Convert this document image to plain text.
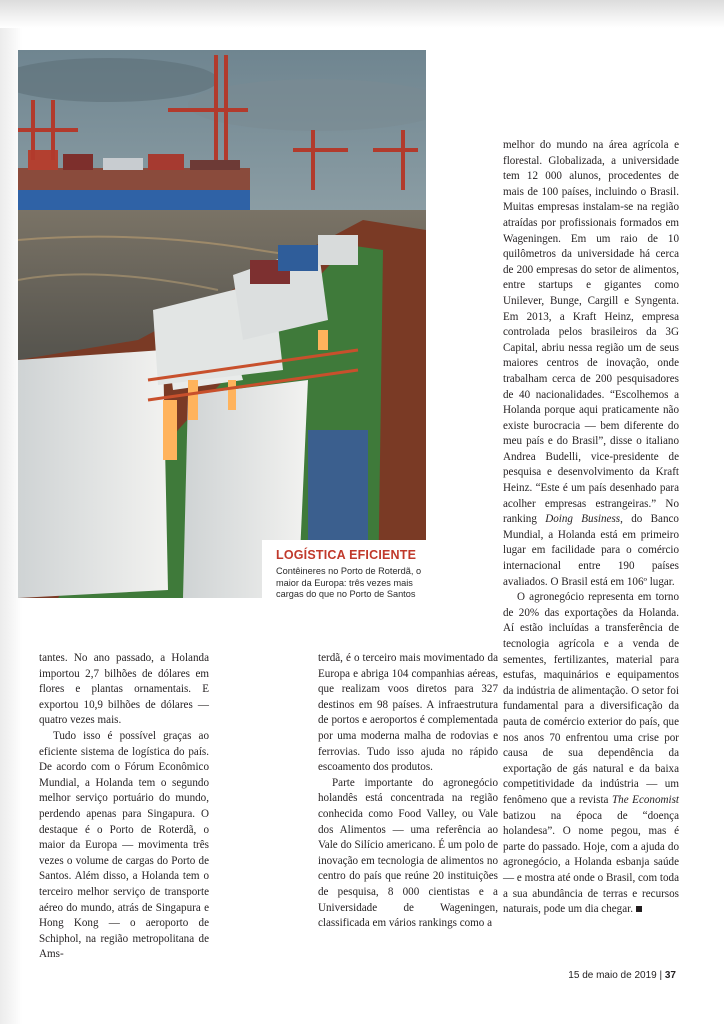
LOGÍSTICA EFICIENTE

Contêineres no Porto de Roterdã, o maior da Europa: três vezes mais cargas do que no Porto de Santos

melhor do mundo na área agrícola e florestal. Globalizada, a universidade tem 12 000 alunos, procedentes de mais de 100 países, incluindo o Brasil. Muitas empresas instalam-se na região atraídas por profissionais formados em Wageningen. Em um raio de 10 quilômetros da universidade há cerca de 200 empresas do setor de alimentos, entre startups e gigantes como Unilever, Bunge, Cargill e Syngenta. Em 2013, a Kraft Heinz, empresa controlada pelos brasileiros da 3G Capital, abriu nessa região um de seus maiores centros de inovação, onde trabalham cerca de 200 pesquisadores de 40 nacionalidades. “Escolhemos a Holanda porque aqui praticamente não existe burocracia — bem diferente do meu país e do Brasil”, disse o italiano Andrea Budelli, vice-presidente de pesquisa e desenvolvimento da Kraft Heinz. “Este é um país desenhado para acolher empresas estrangeiras.” No ranking Doing Business, do Banco Mundial, a Holanda está em primeiro lugar em facilidade para o comércio internacional entre 190 países avaliados. O Brasil está em 106º lugar.

O agronegócio representa em torno de 20% das exportações da Holanda. Aí estão incluídas a transferência de tecnologia agrícola e a venda de sementes, fertilizantes, material para estufas, maquinários e equipamentos da indústria de alimentação. O setor foi fundamental para a diversificação da pauta de comércio exterior do país, que nos anos 70 enfrentou uma crise por causa de sua dependência da exportação de gás natural e da baixa competitividade da indústria — um fenômeno que a revista The Economist batizou na época de “doença holandesa”. O nome pegou, mas é parte do passado. Hoje, com a ajuda do agronegócio, a Holanda esbanja saúde — e mostra até onde o Brasil, com toda a sua abundância de terras e recursos naturais, pode um dia chegar.

tantes. No ano passado, a Holanda importou 2,7 bilhões de dólares em flores e plantas ornamentais. E exportou 10,9 bilhões de dólares — quatro vezes mais.

Tudo isso é possível graças ao eficiente sistema de logística do país. De acordo com o Fórum Econômico Mundial, a Holanda tem o segundo melhor serviço portuário do mundo, perdendo apenas para Singapura. O destaque é o Porto de Roterdã, o maior da Europa — movimenta três vezes o volume de cargas do Porto de Santos. Além disso, a Holanda tem o terceiro melhor serviço de transporte aéreo do mundo, atrás de Singapura e Hong Kong — o aeroporto de Schiphol, na região metropolitana de Ams-

terdã, é o terceiro mais movimentado da Europa e abriga 104 companhias aéreas, que realizam voos diretos para 327 destinos em 98 países. A infraestrutura de portos e aeroportos é complementada por uma moderna malha de rodovias e ferrovias. Tudo isso ajuda no rápido escoamento dos produtos.

Parte importante do agronegócio holandês está concentrada na região conhecida como Food Valley, ou Vale dos Alimentos — uma referência ao Vale do Silício americano. É um polo de inovação em tecnologia de alimentos no centro do país que reúne 20 instituições de pesquisa, 8 000 cientistas e a Universidade de Wageningen, classificada em vários rankings como a

15 de maio de 2019 | 37
